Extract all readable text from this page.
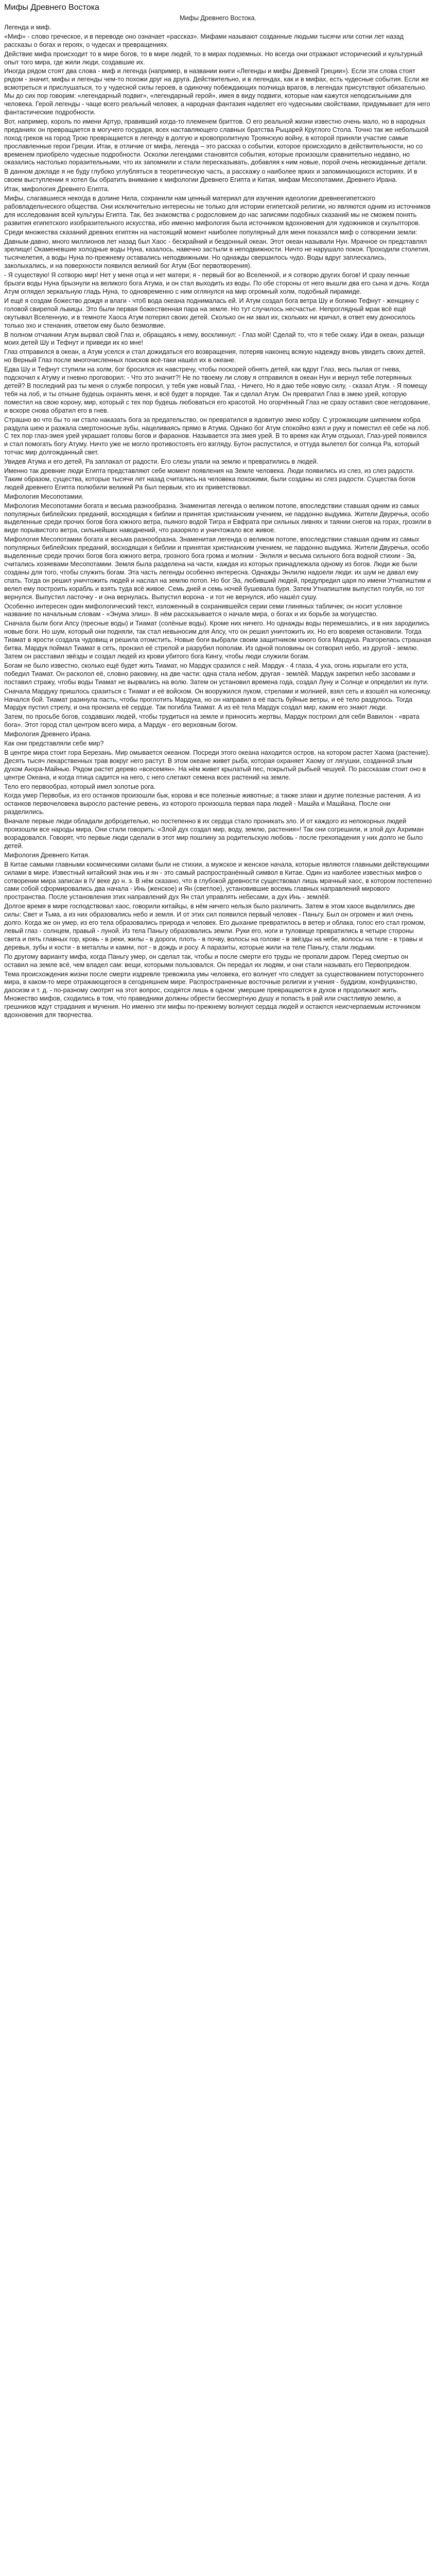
Мифы Древнего Востока

Мифы Древнего Востока.

Легенда и миф.

«Миф» - слово греческое, и в переводе оно означает «рассказ». Мифами называют созданные людьми тысячи или сотни лет назад рассказы о богах и героях, о чудесах и превращениях.

Действие мифа происходит то в мире богов, то в мире людей, то в мирах подземных. Но всегда они отражают исторический и культурный опыт того мира, где жили люди, создавшие их.

Иногда рядом стоят два слова - миф и легенда (например, в названии книги «Легенды и мифы Древней Греции»). Если эти слова стоят рядом - значит, мифы и легенды чем-то похожи друг на друга. Действительно, и в легендах, как и в мифах, есть чудесные события. Если же всмотреться и прислушаться, то у чудесной силы героев, в одиночку побеждающих полчища врагов, в легендах присутствуют обязательно. Мы до сих пор говорим: «легендарный подвиг», «легендарный герой», имея в виду подвиги, которые нам кажутся неподсильными для человека. Герой легенды - чаще всего реальный человек, а народная фантазия наделяет его чудесными свойствами, придумывает для него фантастические подробности.

Вот, например, король по имени Артур, правивший когда-то племенем бриттов. О его реальной жизни известно очень мало, но в народных преданиях он превращается в могучего государя, всех наставляющего славных братства Рыцарей Круглого Стола. Точно так же небольшой поход греков на город Трою превращается в легенду в долгую и кровопролитную Троянскую войну, в которой приняли участие самые прославленные герои Греции. Итак, в отличие от мифа, легенда – это рассказ о событии, которое происходило в действительности, но со временем приобрело чудесные подробности. Осколки легендами становятся события, которые произошли сравнительно недавно, но оказались настолько поразительными, что их запомнили и стали пересказывать, добавляя к ним новые, порой очень неожиданные детали.

В данном докладе я не буду глубоко углубляться в теоретическую часть, а расскажу о наиболее ярких и запоминающихся историях. И в своем выступлении я хотел бы обратить внимание к мифологии Древнего Египта и Китая, мифам Месопотамии, Древнего Ирана.

Итак, мифология Древнего Египта.

Мифы, слагавшиеся некогда в долине Нила, сохранили нам ценный материал для изучения идеологии древнеегипетского рабовладельческого общества. Они исключительно интересны не только для истории египетской религии, но являются одним из источников для исследования всей культуры Египта. Так, без знакомства с родословием до нас записями подобных сказаний мы не сможем понять развития египетского изобразительного искусства, ибо именно мифология была источником вдохновения для художников и скульпторов.

Среди множества сказаний древних египтян на настоящий момент наиболее популярный для меня показался миф о сотворении земли:

Давным-давно, много миллионов лет назад был Хаос - бескрайний и бездонный океан. Этот океан называли Нун. Мрачное он представлял зрелище! Окаменевшие холодные воды Нуна, казалось, навечно застыли в неподвижности. Ничто не нарушало покоя. Проходили столетия, тысячелетия, а воды Нуна по-прежнему оставались неподвижными. Но однажды свершилось чудо. Воды вдруг заплескались, заколыхались, и на поверхности появился великий бог Атум (Бог первотворения).

- Я существую! Я сотворю мир! Нет у меня отца и нет матери; я - первый бог во Вселенной, и я сотворю других богов! И сразу пенные брызги воды Нуна брызнули на великого бога Атума, и он стал выходить из воды. По обе стороны от него вышли два его сына и дочь. Когда Атум оглядел зеркальную гладь Нуна, то одновременно с ним оглянулся на мир огромный холм, подобный пирамиде.

И ещё я создам божество дождя и влаги - чтоб вода океана поднималась ей. И Атум создал бога ветра Шу и богиню Тефнут - женщину с головой свирепой львицы. Это были первая божественная пара на земле. Но тут случилось несчастье. Непроглядный мрак всё ещё окутывал Вселенную, и в темноте Хаоса Атум потерял своих детей. Сколько он ни звал их, скольких ни кричал, в ответ ему доносилось только эхо и стенания, ответом ему было безмолвие.

В полном отчаянии Атум вырвал свой Глаз и, обращаясь к нему, воскликнул: - Глаз мой! Сделай то, что я тебе скажу. Иди в океан, разыщи моих детей Шу и Тефнут и приведи их ко мне!

Глаз отправился в океан, а Атум уселся и стал дожидаться его возвращения, потеряв наконец всякую надежду вновь увидеть своих детей, но Верный Глаз после многочисленных поисков всё-таки нашёл их в океане.

Едва Шу и Тефнут ступили на холм, бог бросился их навстречу, чтобы поскорей обнять детей, как вдруг Глаз, весь пылая от гнева, подскочил к Атуму и гневно проговорил: - Что это значит?! Не по твоему ли слову я отправился в океан Нун и вернул тебе потерянных детей? В последний раз ты меня о службе попросил, у тебя уже новый Глаз, - Ничего, Но я даю тебе новую силу, - сказал Атум. - Я помещу тебя на лоб, и ты отныне будешь охранять меня, и всё будет в порядке. Так и сделал Атум. Он превратил Глаз в змею урей, которую поместил на свою корону, мир, который с тех пор будешь любоваться его красотой. Но огорчённый Глаз не сразу оставил свое негодование, и вскоре снова обратил его в гнев.

Страшно во что бы то ни стало наказать бога за предательство, он превратился в ядовитую змею кобру. С угрожающим шипением кобра раздула шею и разжала смертоносные зубы, нацеливаясь прямо в Атума. Однако бог Атум спокойно взял и руку и поместил её себе на лоб. С тех пор глаз-змея урей украшает головы богов и фараонов. Называется эта змея урей. В то время как Атум отдыхал, Глаз-урей появился и стал помогать богу Атуму. Ничто уже не могло противостоять его взгляду. Бутон распустился, и оттуда вылетел бог солнца Ра, который тотчас мир долгожданный свет.

Увидев Атума и его детей, Ра заплакал от радости. Его слезы упали на землю и превратились в людей.

Именно так древние люди Египта представляют себе момент появления на Земле человека. Люди появились из слез, из слез радости. Таким образом, существа, которые тысячи лет назад считались на человека похожими, были созданы из слез радости. Существа богов людей древнего Египта полюбили великий Ра был первым, кто их приветствовал.

Мифология Месопотамии.

Мифология Месопотамии богата и весьма разнообразна. Знаменитая легенда о великом потопе, впоследствии ставшая одним из самых популярных библейских преданий, восходящая к библии и принятая христианским учением, не пардонно выдумка. Жители Двуречья, особо выделенные среди прочих богов бога южного ветра, пьяного водой Тигра и Евфрата при сильных ливнях и таянии снегов на горах, грозили в виде порывистого ветра, сильнейших наводнений, что разоряло и уничтожало все живое.

Мифология Месопотамии богата и весьма разнообразна. Знаменитая легенда о великом потопе, впоследствии ставшая одним из самых популярных библейских преданий, восходящая к библии и принятая христианским учением, не пардонно выдумка. Жители Двуречья, особо выделенные среди прочих богов бога южного ветра, грозного бога грома и молнии - Энлиля и весьма сильного бога водной стихии - Эа, считались хозяевами Месопотамии. Земля была разделена на части, каждая из которых принадлежала одному из богов. Люди же были созданы для того, чтобы служить богам. Эта часть легенды особенно интересна. Однажды Энлилю надоели люди: их шум не давал ему спать. Тогда он решил уничтожить людей и наслал на землю потоп. Но бог Эа, любивший людей, предупредил царя по имени Утнапиштим и велел ему построить корабль и взять туда всё живое. Семь дней и семь ночей бушевала буря. Затем Утнапиштим выпустил голубя, но тот вернулся. Выпустил ласточку - и она вернулась. Выпустил ворона - и тот не вернулся, ибо нашёл сушу.

Особенно интересен один мифологический текст, изложенный в сохранившейся серии семи глиняных табличек; он носит условное название по начальным словам - «Энума элиш». В нём рассказывается о начале мира, о богах и их борьбе за могущество.

Сначала были боги Апсу (пресные воды) и Тиамат (солёные воды). Кроме них ничего. Но однажды воды перемешались, и в них зародились новые боги. Но шум, который они подняли, так стал невыносим для Апсу, что он решил уничтожить их. Но его вовремя остановили. Тогда Тиамат в ярости создала чудовищ и решила отомстить. Новые боги выбрали своим защитником юного бога Мардука. Разгорелась страшная битва. Мардук поймал Тиамат в сеть, пронзил её стрелой и разрубил пополам. Из одной половины он сотворил небо, из другой - землю. Затем он расставил звёзды и создал людей из крови убитого бога Кингу, чтобы люди служили богам.

Богам не было известно, сколько ещё будет жить Тиамат, но Мардук сразился с ней. Мардук - 4 глаза, 4 уха, огонь изрыгали его уста, победил Тиамат. Он расколол её, словно раковину, на две части: одна стала небом, другая - землёй. Мардук закрепил небо засовами и поставил стражу, чтобы воды Тиамат не вырвались на волю. Затем он установил времена года, создал Луну и Солнце и определил их пути.

Сначала Мардуку пришлось сразиться с Тиамат и её войском. Он вооружился луком, стрелами и молнией, взял сеть и взошёл на колесницу. Начался бой. Тиамат разинула пасть, чтобы проглотить Мардука, но он направил в её пасть буйные ветры, и её тело раздулось. Тогда Мардук пустил стрелу, и она пронзила её сердце. Так погибла Тиамат. А из её тела Мардук создал мир, каким его знают люди.

Затем, по просьбе богов, создавших людей, чтобы трудиться на земле и приносить жертвы, Мардук построил для себя Вавилон - «врата бога». Этот город стал центром всего мира, а Мардук - его верховным богом.

Мифология Древнего Ирана.

Как они представляли себе мир?

В центре мира стоит гора Березань. Мир омывается океаном. Посреди этого океана находится остров, на котором растет Хаома (растение). Десять тысяч лекарственных трав вокруг него растут. В этом океане живет рыба, которая охраняет Хаому от лягушки, созданной злым духом Анхра-Майнью. Рядом растет дерево «всесемян». На нём живет крылатый пес, покрытый рыбьей чешуей. По рассказам стоит оно в центре Океана, и когда птица садится на него, с него слетают семена всех растений на земле.

Тело его первообраз, который имел золотые рога.

Когда умер Первобык, из его останков произошли бык, корова и все полезные животные; а также злаки и другие полезные растения. А из останков первочеловека выросло растение ревень, из которого произошла первая пара людей - Машйа и Машйана. После они разделились.

Вначале первые люди обладали добродетелью, но постепенно в их сердца стало проникать зло. И от каждого из непокорных людей произошли все народы мира. Они стали говорить: «Злой дух создал мир, воду, землю, растения»! Так они согрешили, и злой дух Ахриман возрадовался. Говорят, что первые люди сделали в этот мир пошлину за родительскую любовь - после грехопадения у них долго не было детей.

Мифология Древнего Китая.

В Китае самыми главными космическими силами были не стихии, а мужское и женское начала, которые являются главными действующими силами в мире. Известный китайский знак инь и ян - это самый распространённый символ в Китае. Один из наиболее известных мифов о сотворении мира записан в IV веке до н. э. В нём сказано, что в глубокой древности существовал лишь мрачный хаос, в котором постепенно сами собой сформировались два начала - Инь (женское) и Ян (светлое), установившие восемь главных направлений мирового пространства. После установления этих направлений дух Ян стал управлять небесами, а дух Инь - землёй.

Долгое время в мире господствовал хаос, говорили китайцы, в нём ничего нельзя было различить. Затем в этом хаосе выделились две силы: Свет и Тьма, а из них образовались небо и земля. И от этих сил появился первый человек - Паньгу. Был он огромен и жил очень долго. Когда же он умер, из его тела образовались природа и человек. Его дыхание превратилось в ветер и облака, голос его стал громом, левый глаз - солнцем, правый - луной. Из тела Паньгу образовались земли. Руки его, ноги и туловище превратились в четыре стороны света и пять главных гор, кровь - в реки, жилы - в дороги, плоть - в почву, волосы на голове - в звёзды на небе, волосы на теле - в травы и деревья, зубы и кости - в металлы и камни, пот - в дождь и росу. А паразиты, которые жили на теле Паньгу, стали людьми.

По другому варианту мифа, когда Паньгу умер, он сделал так, чтобы и после смерти его труды не пропали даром. Перед смертью он оставил на земле всё, чем владел сам: вещи, которыми пользовался. Он передал их людям, и они стали называть его Первопредком.

Тема происхождения жизни после смерти издревле тревожила умы человека, его волнует что следует за существованием потустороннего мира, в каком-то мере отражающегося в сегодняшнем мире. Распространенные восточные религии и учения - буддизм, конфуцианство, даосизм и т. д. - по-разному смотрят на этот вопрос, сходятся лишь в одном: умершие превращаются в духов и продолжают жить. Множество мифов, сходились в том, что праведники должны обрести бессмертную душу и попасть в рай или счастливую землю, а грешников ждут страдания и мучения. Но именно эти мифы по-прежнему волнуют сердца людей и остаются неисчерпаемым источником вдохновения для творчества.
